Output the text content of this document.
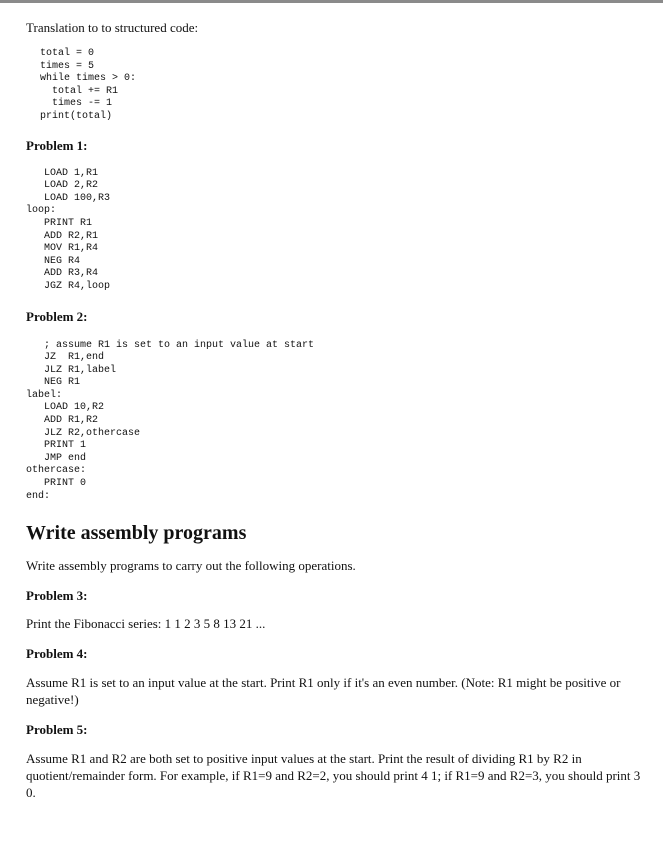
Translation to to structured code:

total = 0
times = 5
while times > 0:
total += R1
times -= 1
print(total)
Problem 1:
LOAD 1,R1
LOAD 2,R2
LOAD 100,R3
loop:
PRINT R1
ADD R2,R1
MOV R1,R4
NEG R4
ADD R3,R4
JGZ R4,loop
Problem 2:
; assume R1 is set to an input value at start
JZ  R1,end
JLZ R1,label
NEG R1
label:
LOAD 10,R2
ADD R1,R2
JLZ R2,othercase
PRINT 1
JMP end
othercase:
PRINT 0
end:
Write assembly programs

Write assembly programs to carry out the following operations.

Problem 3:

Print the Fibonacci series: 1 1 2 3 5 8 13 21 ...

Problem 4:

Assume R1 is set to an input value at the start. Print R1 only if it's an even number. (Note: R1 might be positive or negative!)

Problem 5:

Assume R1 and R2 are both set to positive input values at the start. Print the result of dividing R1 by R2 in quotient/remainder form. For example, if R1=9 and R2=2, you should print 4 1; if R1=9 and R2=3, you should print 3 0.
